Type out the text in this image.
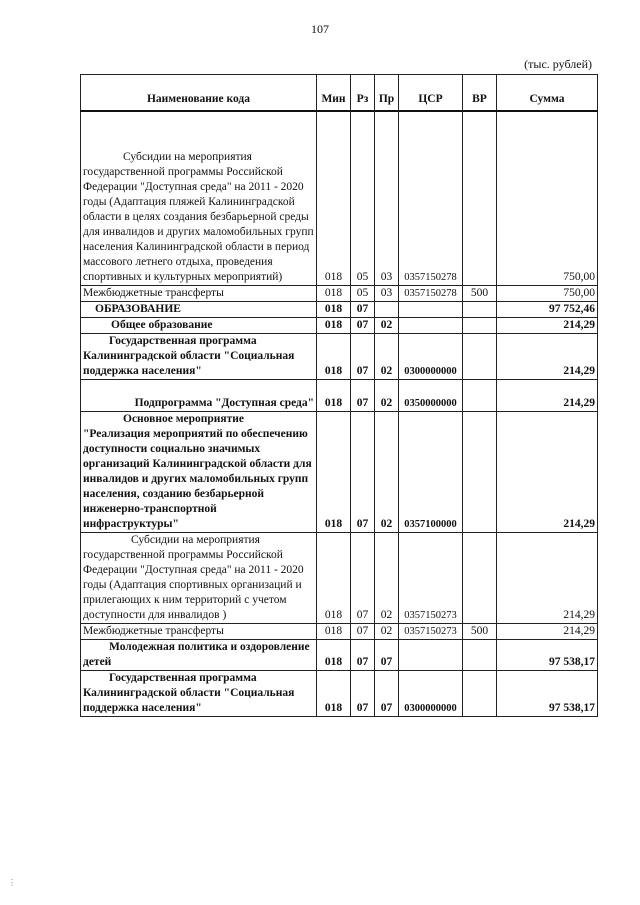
107
(тыс. рублей)
Наименование кода	Мин	Рз	Пр	ЦСР	ВР	Сумма
Субсидии на мероприятия государственной программы Российской Федерации "Доступная среда" на 2011 - 2020 годы (Адаптация пляжей Калининградской области в целях создания безбарьерной среды для инвалидов и других маломобильных групп населения Калининградской области в период массового летнего отдыха, проведения спортивных и культурных мероприятий)	018	05	03	0357150278		750,00
Межбюджетные трансферты	018	05	03	0357150278	500	750,00
ОБРАЗОВАНИЕ	018	07				97 752,46
Общее образование	018	07	02			214,29
Государственная программа Калининградской области "Социальная поддержка населения"	018	07	02	0300000000		214,29
Подпрограмма "Доступная среда"	018	07	02	0350000000		214,29
Основное мероприятие "Реализация мероприятий по обеспечению доступности социально значимых организаций Калининградской области для инвалидов и других маломобильных групп населения, созданию безбарьерной инженерно-транспортной инфраструктуры"	018	07	02	0357100000		214,29
Субсидии на мероприятия государственной программы Российской Федерации "Доступная среда" на 2011 - 2020 годы (Адаптация спортивных организаций и прилегающих к ним территорий с учетом доступности для инвалидов )	018	07	02	0357150273		214,29
Межбюджетные трансферты	018	07	02	0357150273	500	214,29
Молодежная политика и оздоровление детей	018	07	07			97 538,17
Государственная программа Калининградской области "Социальная поддержка населения"	018	07	07	0300000000		97 538,17
⋮
